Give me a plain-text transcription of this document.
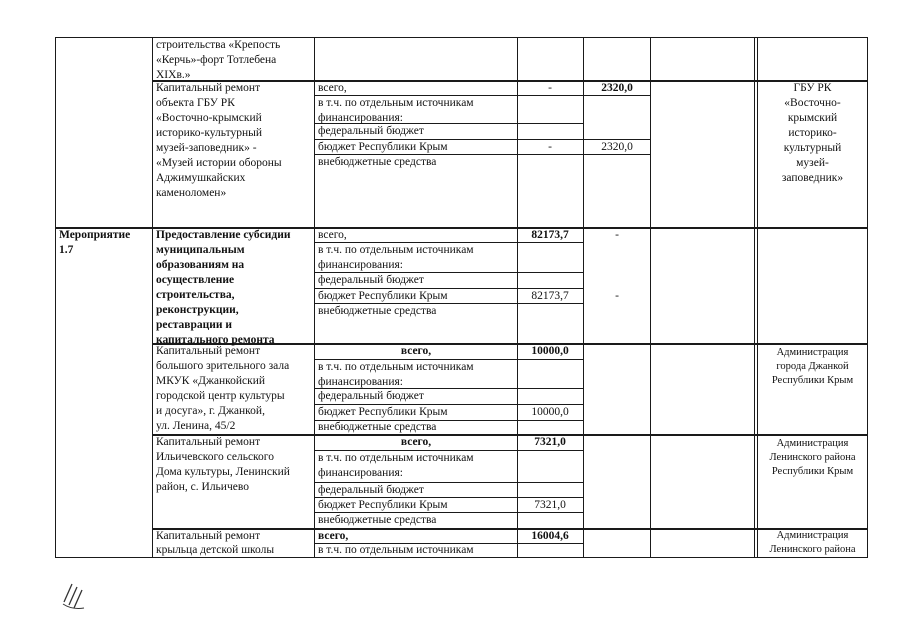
строительства «Крепость
«Керчь»-форт Тотлебена
XIXв.»
Капитальный ремонт
объекта ГБУ РК
«Восточно-крымский
историко-культурный
музей-заповедник» -
«Музей истории обороны
Аджимушкайских
каменоломен»
всего,
в т.ч. по отдельным источникам
финансирования:
федеральный бюджет
бюджет Республики Крым
внебюджетные средства
-
-
2320,0
2320,0
ГБУ РК
«Восточно-
крымский
историко-
культурный
музей-
заповедник»
Мероприятие
1.7
Предоставление субсидии
муниципальным
образованиям на
осуществление
строительства,
реконструкции,
реставрации и
капитального ремонта
всего,
в т.ч. по отдельным источникам
финансирования:
федеральный бюджет
бюджет Республики Крым
внебюджетные средства
82173,7
82173,7
-
-
Капитальный ремонт
большого зрительного зала
МКУК «Джанкойский
городской центр культуры
и досуга», г. Джанкой,
ул. Ленина, 45/2
всего,
в т.ч. по отдельным источникам
финансирования:
федеральный бюджет
бюджет Республики Крым
внебюджетные средства
10000,0
10000,0
Администрация
города Джанкой
Республики Крым
Капитальный ремонт
Ильичевского сельского
Дома культуры, Ленинский
район, с. Ильичево
всего,
в т.ч. по отдельным источникам
финансирования:
федеральный бюджет
бюджет Республики Крым
внебюджетные средства
7321,0
7321,0
Администрация
Ленинского района
Республики Крым
Капитальный ремонт
крыльца детской школы
всего,
в т.ч. по отдельным источникам
16004,6	Администрация
Ленинского района
